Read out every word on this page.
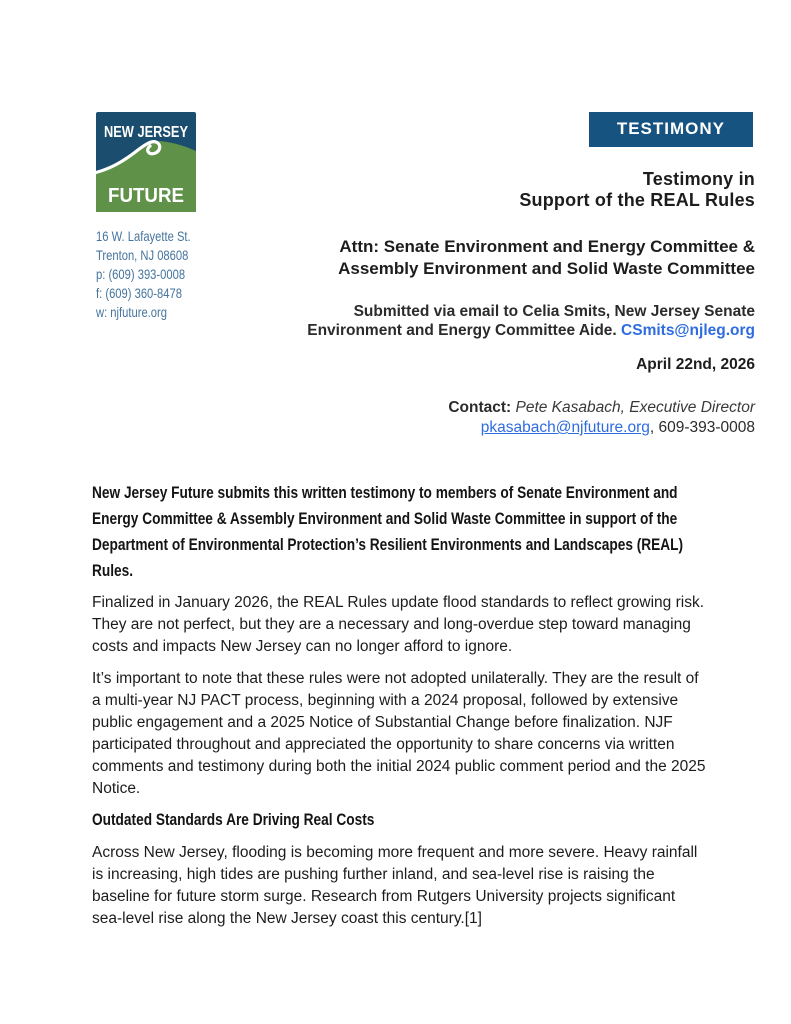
NEW JERSEY
FUTURE
16 W. Lafayette St.
Trenton, NJ 08608
p: (609) 393-0008
f: (609) 360-8478
w: njfuture.org
TESTIMONY
Testimony in
Support of the REAL Rules
Attn: Senate Environment and Energy Committee &
Assembly Environment and Solid Waste Committee
Submitted via email to Celia Smits, New Jersey Senate
Environment and Energy Committee Aide. CSmits@njleg.org
April 22nd, 2026
Contact: Pete Kasabach, Executive Director
pkasabach@njfuture.org, 609-393-0008
New Jersey Future submits this written testimony to members of Senate Environment and Energy Committee & Assembly Environment and Solid Waste Committee in support of the Department of Environmental Protection’s Resilient Environments and Landscapes (REAL) Rules.
Finalized in January 2026, the REAL Rules update flood standards to reflect growing risk. They are not perfect, but they are a necessary and long-overdue step toward managing costs and impacts New Jersey can no longer afford to ignore.
It’s important to note that these rules were not adopted unilaterally. They are the result of a multi-year NJ PACT process, beginning with a 2024 proposal, followed by extensive public engagement and a 2025 Notice of Substantial Change before finalization. NJF participated throughout and appreciated the opportunity to share concerns via written comments and testimony during both the initial 2024 public comment period and the 2025 Notice.
Outdated Standards Are Driving Real Costs
Across New Jersey, flooding is becoming more frequent and more severe. Heavy rainfall is increasing, high tides are pushing further inland, and sea-level rise is raising the baseline for future storm surge. Research from Rutgers University projects significant sea-level rise along the New Jersey coast this century.[1]
